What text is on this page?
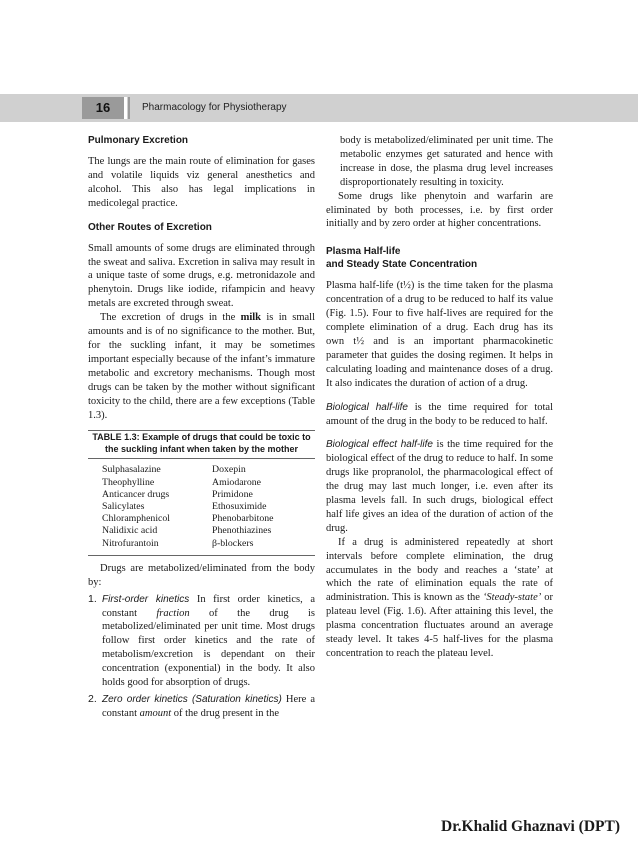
16	Pharmacology for Physiotherapy
Pulmonary Excretion

The lungs are the main route of elimination for gases and volatile liquids viz general anesthetics and alcohol. This also has legal implications in medicolegal practice.

Other Routes of Excretion

Small amounts of some drugs are eliminated through the sweat and saliva. Excretion in saliva may result in a unique taste of some drugs, e.g. metronidazole and phenytoin. Drugs like iodide, rifampicin and heavy metals are excreted through sweat.

The excretion of drugs in the milk is in small amounts and is of no significance to the mother. But, for the suckling infant, it may be sometimes important especially because of the infant’s immature metabolic and excretory mechanisms. Though most drugs can be taken by the mother without significant toxicity to the child, there are a few exceptions (Table 1.3).

TABLE 1.3: Example of drugs that could be toxic to the suckling infant when taken by the mother
Sulphasalazine	Doxepin
Theophylline	Amiodarone
Anticancer drugs	Primidone
Salicylates	Ethosuximide
Chloramphenicol	Phenobarbitone
Nalidixic acid	Phenothiazines
Nitrofurantoin	β-blockers

Drugs are metabolized/eliminated from the body by:

1. First-order kinetics In first order kinetics, a constant fraction of the drug is metabolized/eliminated per unit time. Most drugs follow first order kinetics and the rate of metabolism/excretion is dependant on their concentration (exponential) in the body. It also holds good for absorption of drugs.
2. Zero order kinetics (Saturation kinetics) Here a constant amount of the drug present in the

body is metabolized/eliminated per unit time. The metabolic enzymes get saturated and hence with increase in dose, the plasma drug level increases disproportionately resulting in toxicity.

Some drugs like phenytoin and warfarin are eliminated by both processes, i.e. by first order initially and by zero order at higher concentrations.

Plasma Half-life
and Steady State Concentration

Plasma half-life (t½) is the time taken for the plasma concentration of a drug to be reduced to half its value (Fig. 1.5). Four to five half-lives are required for the complete elimination of a drug. Each drug has its own t½ and is an important pharmacokinetic parameter that guides the dosing regimen. It helps in calculating loading and maintenance doses of a drug. It also indicates the duration of action of a drug.

Biological half-life is the time required for total amount of the drug in the body to be reduced to half.

Biological effect half-life is the time required for the biological effect of the drug to reduce to half. In some drugs like propranolol, the pharmacological effect of the drug may last much longer, i.e. even after its plasma levels fall. In such drugs, biological effect half life gives an idea of the duration of action of the drug.

If a drug is administered repeatedly at short intervals before complete elimination, the drug accumulates in the body and reaches a ‘state’ at which the rate of elimination equals the rate of administration. This is known as the ‘Steady-state’ or plateau level (Fig. 1.6). After attaining this level, the plasma concentration fluctuates around an average steady level. It takes 4-5 half-lives for the plasma concentration to reach the plateau level.

Dr.Khalid Ghaznavi (DPT)
